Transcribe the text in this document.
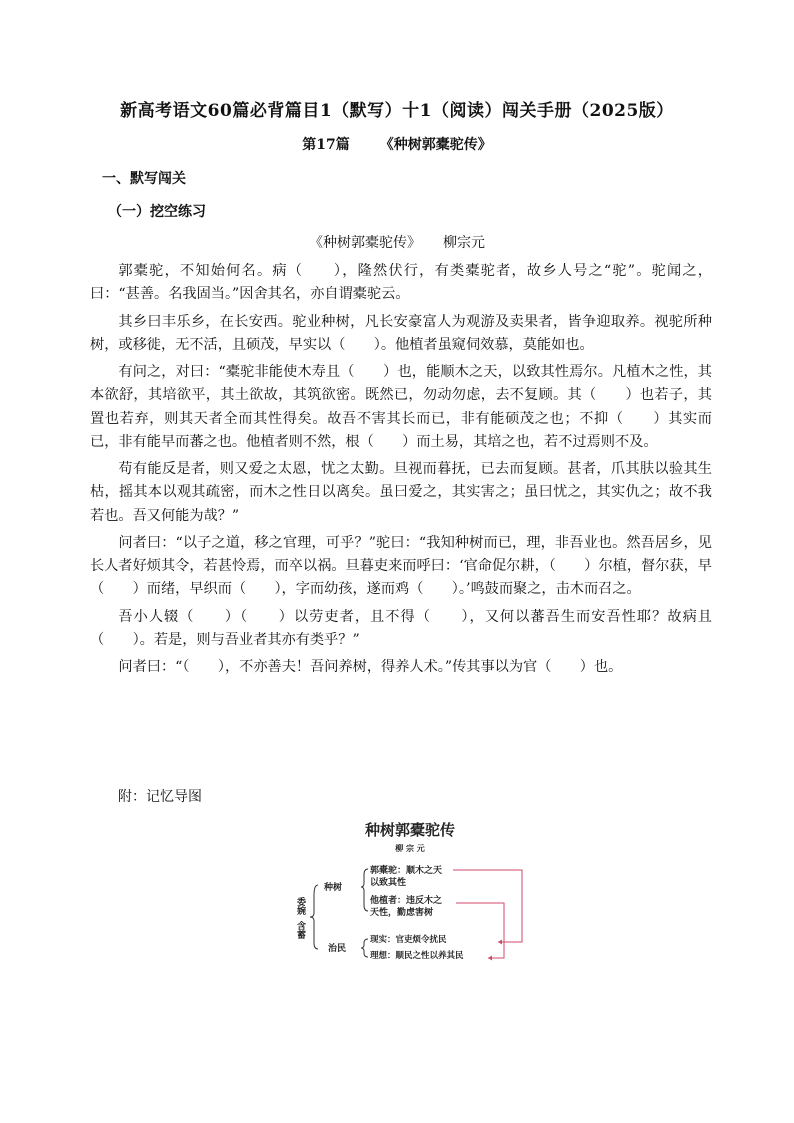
新高考语文60篇必背篇目1（默写）十1（阅读）闯关手册（2025版）
第17篇 《种树郭橐驼传》
一、默写闯关
（一）挖空练习
《种树郭橐驼传》 柳宗元

郭橐驼，不知始何名。病（　　），隆然伏行，有类橐驼者，故乡人号之“驼”。驼闻之，曰：“甚善。名我固当。”因舍其名，亦自谓橐驼云。

其乡曰丰乐乡，在长安西。驼业种树，凡长安豪富人为观游及卖果者，皆争迎取养。视驼所种树，或移徙，无不活，且硕茂，早实以（　　）。他植者虽窥伺效慕，莫能如也。

有问之，对曰：“橐驼非能使木寿且（　　）也，能顺木之天，以致其性焉尔。凡植木之性，其本欲舒，其培欲平，其土欲故，其筑欲密。既然已，勿动勿虑，去不复顾。其（　　）也若子，其置也若弃，则其天者全而其性得矣。故吾不害其长而已，非有能硕茂之也；不抑（　　）其实而已，非有能早而蕃之也。他植者则不然，根（　　）而土易，其培之也，若不过焉则不及。

苟有能反是者，则又爱之太恩，忧之太勤。旦视而暮抚，已去而复顾。甚者，爪其肤以验其生枯，摇其本以观其疏密，而木之性日以离矣。虽曰爱之，其实害之；虽曰忧之，其实仇之；故不我若也。吾又何能为哉？”

问者曰：“以子之道，移之官理，可乎？”驼曰：“我知种树而已，理，非吾业也。然吾居乡，见长人者好烦其令，若甚怜焉，而卒以祸。旦暮吏来而呼曰：‘官命促尔耕，（　　）尔植，督尔获，早（　　）而绪，早织而（　　），字而幼孩，遂而鸡（　　）。’鸣鼓而聚之，击木而召之。

吾小人辍（　　）（　　）以劳吏者，且不得（　　），又何以蕃吾生而安吾性耶？故病且（　　）。若是，则与吾业者其亦有类乎？”

问者曰：“（　　），不亦善夫！吾问养树，得养人术。”传其事以为官（　　）也。

附：记忆导图
种树郭橐驼传
柳 宗 元
委婉
含蓄
种树
治民
郭橐驼：顺木之天
以致其性
他植者：违反木之
天性，勤虑害树
现实：官吏烦令扰民
理想：顺民之性以养其民
